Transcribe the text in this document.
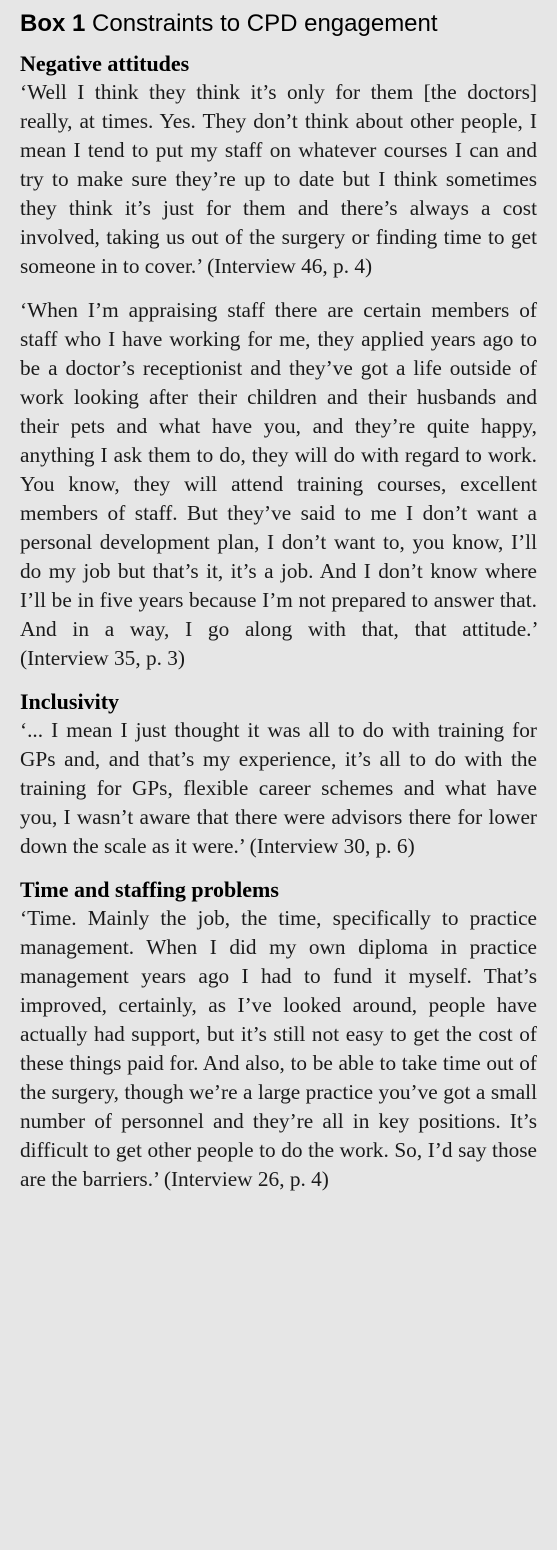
Box 1 Constraints to CPD engagement

Negative attitudes

‘Well I think they think it’s only for them [the doctors] really, at times. Yes. They don’t think about other people, I mean I tend to put my staff on whatever courses I can and try to make sure they’re up to date but I think sometimes they think it’s just for them and there’s always a cost involved, taking us out of the surgery or finding time to get someone in to cover.’ (Interview 46, p. 4)

‘When I’m appraising staff there are certain members of staff who I have working for me, they applied years ago to be a doctor’s receptionist and they’ve got a life outside of work looking after their children and their husbands and their pets and what have you, and they’re quite happy, anything I ask them to do, they will do with regard to work. You know, they will attend training courses, excellent members of staff. But they’ve said to me I don’t want a personal development plan, I don’t want to, you know, I’ll do my job but that’s it, it’s a job. And I don’t know where I’ll be in five years because I’m not prepared to answer that. And in a way, I go along with that, that attitude.’ (Interview 35, p. 3)

Inclusivity

‘... I mean I just thought it was all to do with training for GPs and, and that’s my experience, it’s all to do with the training for GPs, flexible career schemes and what have you, I wasn’t aware that there were advisors there for lower down the scale as it were.’ (Interview 30, p. 6)

Time and staffing problems

‘Time. Mainly the job, the time, specifically to practice management. When I did my own diploma in practice management years ago I had to fund it myself. That’s improved, certainly, as I’ve looked around, people have actually had support, but it’s still not easy to get the cost of these things paid for. And also, to be able to take time out of the surgery, though we’re a large practice you’ve got a small number of personnel and they’re all in key positions. It’s difficult to get other people to do the work. So, I’d say those are the barriers.’ (Interview 26, p. 4)
